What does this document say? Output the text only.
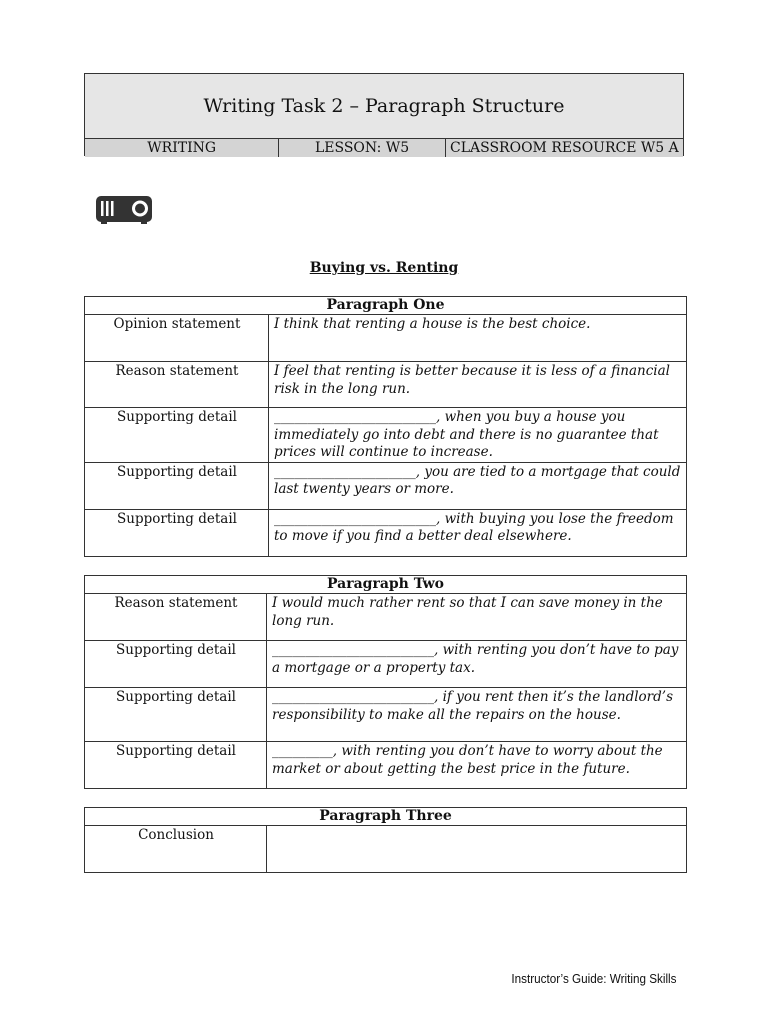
Writing Task 2 – Paragraph Structure
WRITING	LESSON: W5	CLASSROOM RESOURCE W5 A
Buying vs. Renting
Paragraph One	
Opinion statement	I think that renting a house is the best choice.
Reason statement	I feel that renting is better because it is less of a financial risk in the long run.
Supporting detail	________________________, when you buy a house you immediately go into debt and there is no guarantee that prices will continue to increase.
Supporting detail	_____________________, you are tied to a mortgage that could last twenty years or more.
Supporting detail	________________________, with buying you lose the freedom to move if you find a better deal elsewhere.
Paragraph Two	
Reason statement	I would much rather rent so that I can save money in the long run.
Supporting detail	________________________, with renting you don’t have to pay a mortgage or a property tax.
Supporting detail	________________________, if you rent then it’s the landlord’s responsibility to make all the repairs on the house.
Supporting detail	_________, with renting you don’t have to worry about the market or about getting the best price in the future.
Paragraph Three
Conclusion	
Instructor’s Guide: Writing Skills
